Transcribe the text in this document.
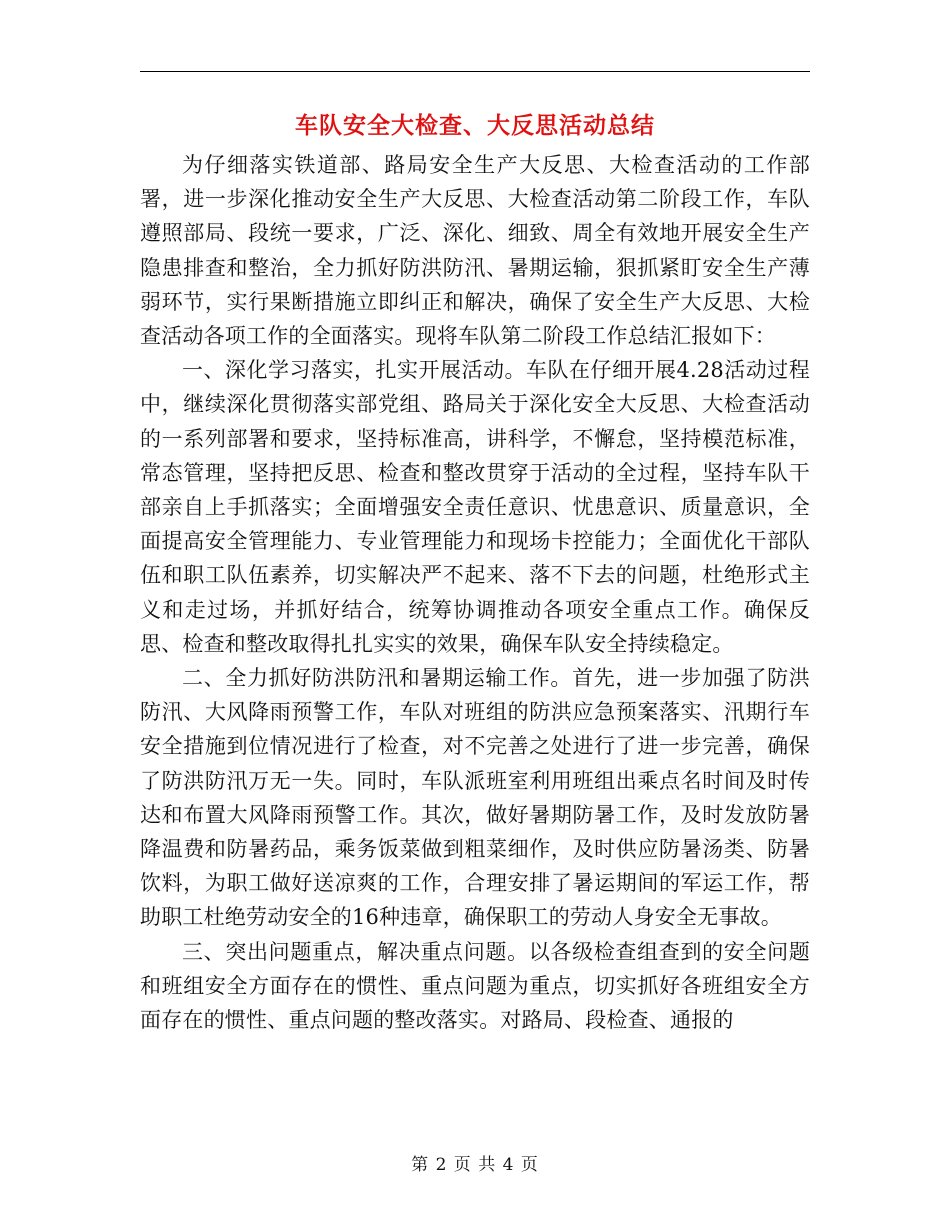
车队安全大检查、大反思活动总结

为仔细落实铁道部、路局安全生产大反思、大检查活动的工作部署，进一步深化推动安全生产大反思、大检查活动第二阶段工作，车队遵照部局、段统一要求，广泛、深化、细致、周全有效地开展安全生产隐患排查和整治，全力抓好防洪防汛、暑期运输，狠抓紧盯安全生产薄弱环节，实行果断措施立即纠正和解决，确保了安全生产大反思、大检查活动各项工作的全面落实。现将车队第二阶段工作总结汇报如下：

一、深化学习落实，扎实开展活动。车队在仔细开展4.28活动过程中，继续深化贯彻落实部党组、路局关于深化安全大反思、大检查活动的一系列部署和要求，坚持标准高，讲科学，不懈怠，坚持模范标准，常态管理，坚持把反思、检查和整改贯穿于活动的全过程，坚持车队干部亲自上手抓落实；全面增强安全责任意识、忧患意识、质量意识，全面提高安全管理能力、专业管理能力和现场卡控能力；全面优化干部队伍和职工队伍素养，切实解决严不起来、落不下去的问题，杜绝形式主义和走过场，并抓好结合，统筹协调推动各项安全重点工作。确保反思、检查和整改取得扎扎实实的效果，确保车队安全持续稳定。

二、全力抓好防洪防汛和暑期运输工作。首先，进一步加强了防洪防汛、大风降雨预警工作，车队对班组的防洪应急预案落实、汛期行车安全措施到位情况进行了检查，对不完善之处进行了进一步完善，确保了防洪防汛万无一失。同时，车队派班室利用班组出乘点名时间及时传达和布置大风降雨预警工作。其次，做好暑期防暑工作，及时发放防暑降温费和防暑药品，乘务饭菜做到粗菜细作，及时供应防暑汤类、防暑饮料，为职工做好送凉爽的工作，合理安排了暑运期间的军运工作，帮助职工杜绝劳动安全的16种违章，确保职工的劳动人身安全无事故。

三、突出问题重点，解决重点问题。以各级检查组查到的安全问题和班组安全方面存在的惯性、重点问题为重点，切实抓好各班组安全方面存在的惯性、重点问题的整改落实。对路局、段检查、通报的

第 2 页 共 4 页
